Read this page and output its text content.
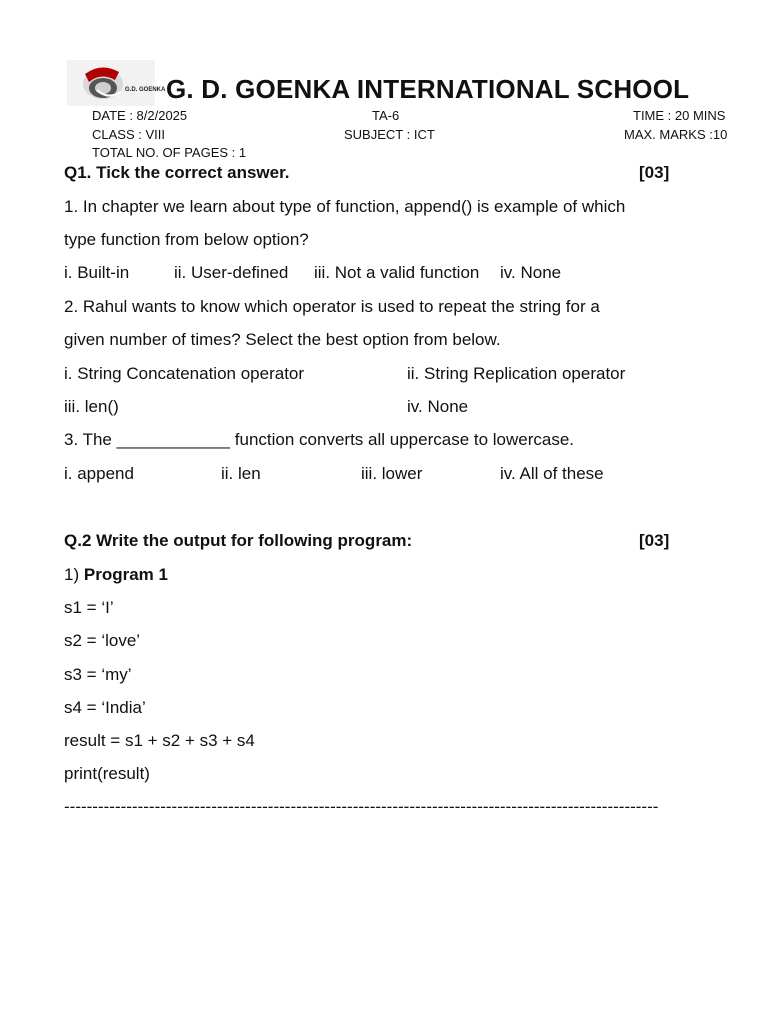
G.D. GOENKA G. D. GOENKA INTERNATIONAL SCHOOL
DATE : 8/2/2025	TA-6	TIME : 20 MINS
CLASS : VIII	SUBJECT : ICT	MAX. MARKS :10
TOTAL NO. OF PAGES : 1
Q1. Tick the correct answer.	[03]
1. In chapter we learn about type of function, append() is example of which
type function from below option?
i. Built-in	ii. User-defined iii. Not a valid function iv. None
2. Rahul wants to know which operator is used to repeat the string for a
given number of times? Select the best option from below.
i. String Concatenation operator	ii. String Replication operator
iii. len()	iv. None
3. The ____________ function converts all uppercase to lowercase.
i. append	ii. len	iii. lower	iv. All of these
Q.2 Write the output for following program:	[03]
1) Program 1
s1 = ‘I’
s2 = ‘love’
s3 = ‘my’
s4 = ‘India’
result = s1 + s2 + s3 + s4
print(result)
---------------------------------------------------------------------------------------------------------
